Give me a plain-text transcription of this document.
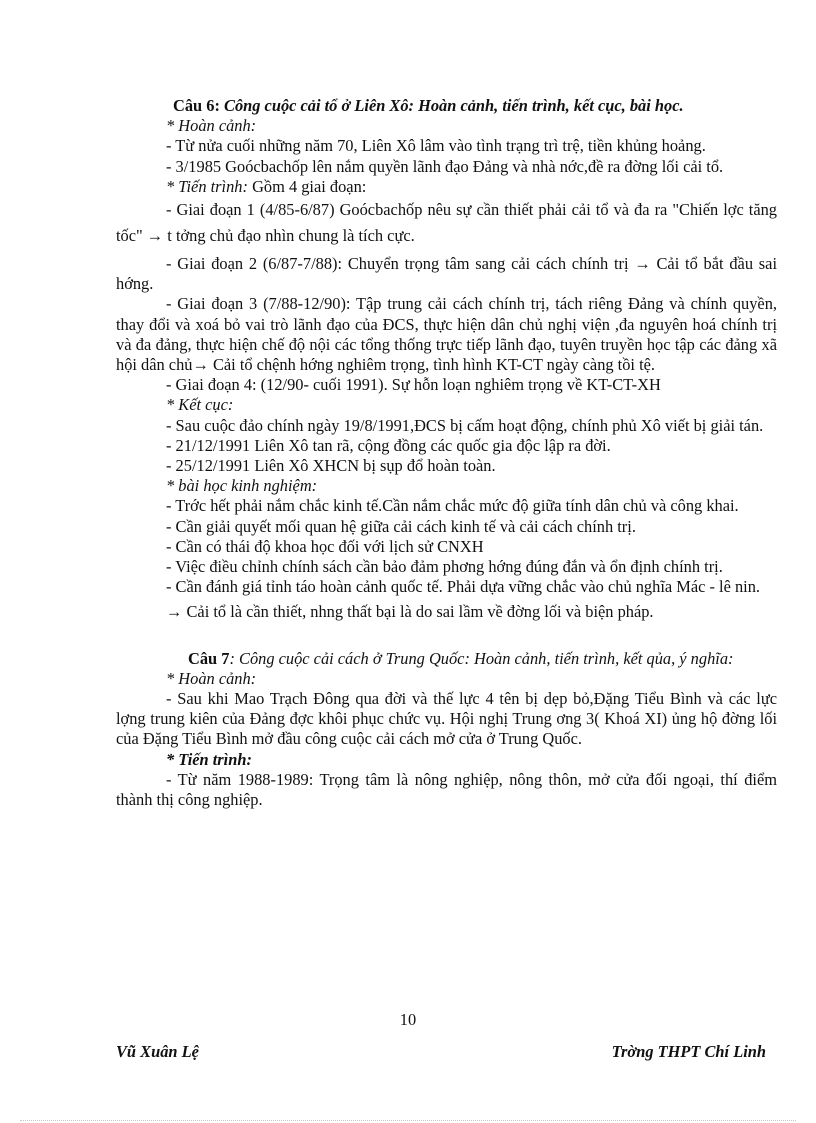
Câu 6: Công cuộc cải tổ ở Liên Xô: Hoàn cảnh, tiến trình, kết cục, bài học.

* Hoàn cảnh:

- Từ nửa cuối những năm 70, Liên Xô lâm vào tình trạng trì trệ, tiền khủng hoảng.

- 3/1985 Goócbachốp lên nắm quyền lãnh đạo Đảng và nhà nớc,đề ra đờng lối cải tổ.

* Tiến trình: Gồm 4 giai đoạn:

- Giai đoạn 1 (4/85-6/87) Goócbachốp nêu sự cần thiết phải cải tổ và đa ra "Chiến lợc tăng tốc" → t tởng chủ đạo nhìn chung là tích cực.

- Giai đoạn 2 (6/87-7/88): Chuyển trọng tâm sang cải cách chính trị → Cải tổ bắt đầu sai hớng.

- Giai đoạn 3 (7/88-12/90): Tập trung cải cách chính trị, tách riêng Đảng và chính quyền, thay đổi và xoá bỏ vai trò lãnh đạo của ĐCS, thực hiện dân chủ nghị viện ,đa nguyên hoá chính trị và đa đảng, thực hiện chế độ nội các tổng thống trực tiếp lãnh đạo, tuyên truyền học tập các đảng xã hội dân chủ→ Cải tổ chệnh hớng nghiêm trọng, tình hình KT-CT ngày càng tồi tệ.

- Giai đoạn 4: (12/90- cuối 1991). Sự hỗn loạn nghiêm trọng về KT-CT-XH

* Kết cục:

- Sau cuộc đảo chính ngày 19/8/1991,ĐCS bị cấm hoạt động, chính phủ Xô viết bị giải tán.

- 21/12/1991 Liên Xô tan rã, cộng đồng các quốc gia độc lập ra đời.

- 25/12/1991 Liên Xô XHCN bị sụp đổ hoàn toàn.

* bài học kinh nghiệm:

- Trớc hết phải nắm chắc kinh tế.Cần nắm chắc mức độ giữa tính dân chủ và công khai.

- Cần giải quyết mối quan hệ giữa cải cách kinh tế và cải cách chính trị.

- Cần có thái độ khoa học đối với lịch sử CNXH

- Việc điều chỉnh chính sách cần bảo đảm phơng hớng đúng đắn và ổn định chính trị.

- Cần đánh giá tỉnh táo hoàn cảnh quốc tế. Phải dựa vững chắc vào chủ nghĩa Mác - lê nin.

→ Cải tổ là cần thiết, nhng thất bại là do sai lầm về đờng lối và biện pháp.

Câu 7: Công cuộc cải cách ở Trung Quốc: Hoàn cảnh, tiến trình, kết qủa, ý nghĩa:

* Hoàn cảnh:

- Sau khi Mao Trạch Đông qua đời và thế lực 4 tên bị dẹp bỏ,Đặng Tiểu Bình và các lực lợng trung kiên của Đảng đợc khôi phục chức vụ. Hội nghị Trung ơng 3( Khoá XI) ủng hộ đờng lối của Đặng Tiểu Bình mở đầu công cuộc cải cách mở cửa ở Trung Quốc.

* Tiến trình:

- Từ năm 1988-1989: Trọng tâm là nông nghiệp, nông thôn, mở cửa đối ngoại, thí điểm thành thị công nghiệp.

10
Vũ Xuân Lệ	Trờng THPT Chí Linh
